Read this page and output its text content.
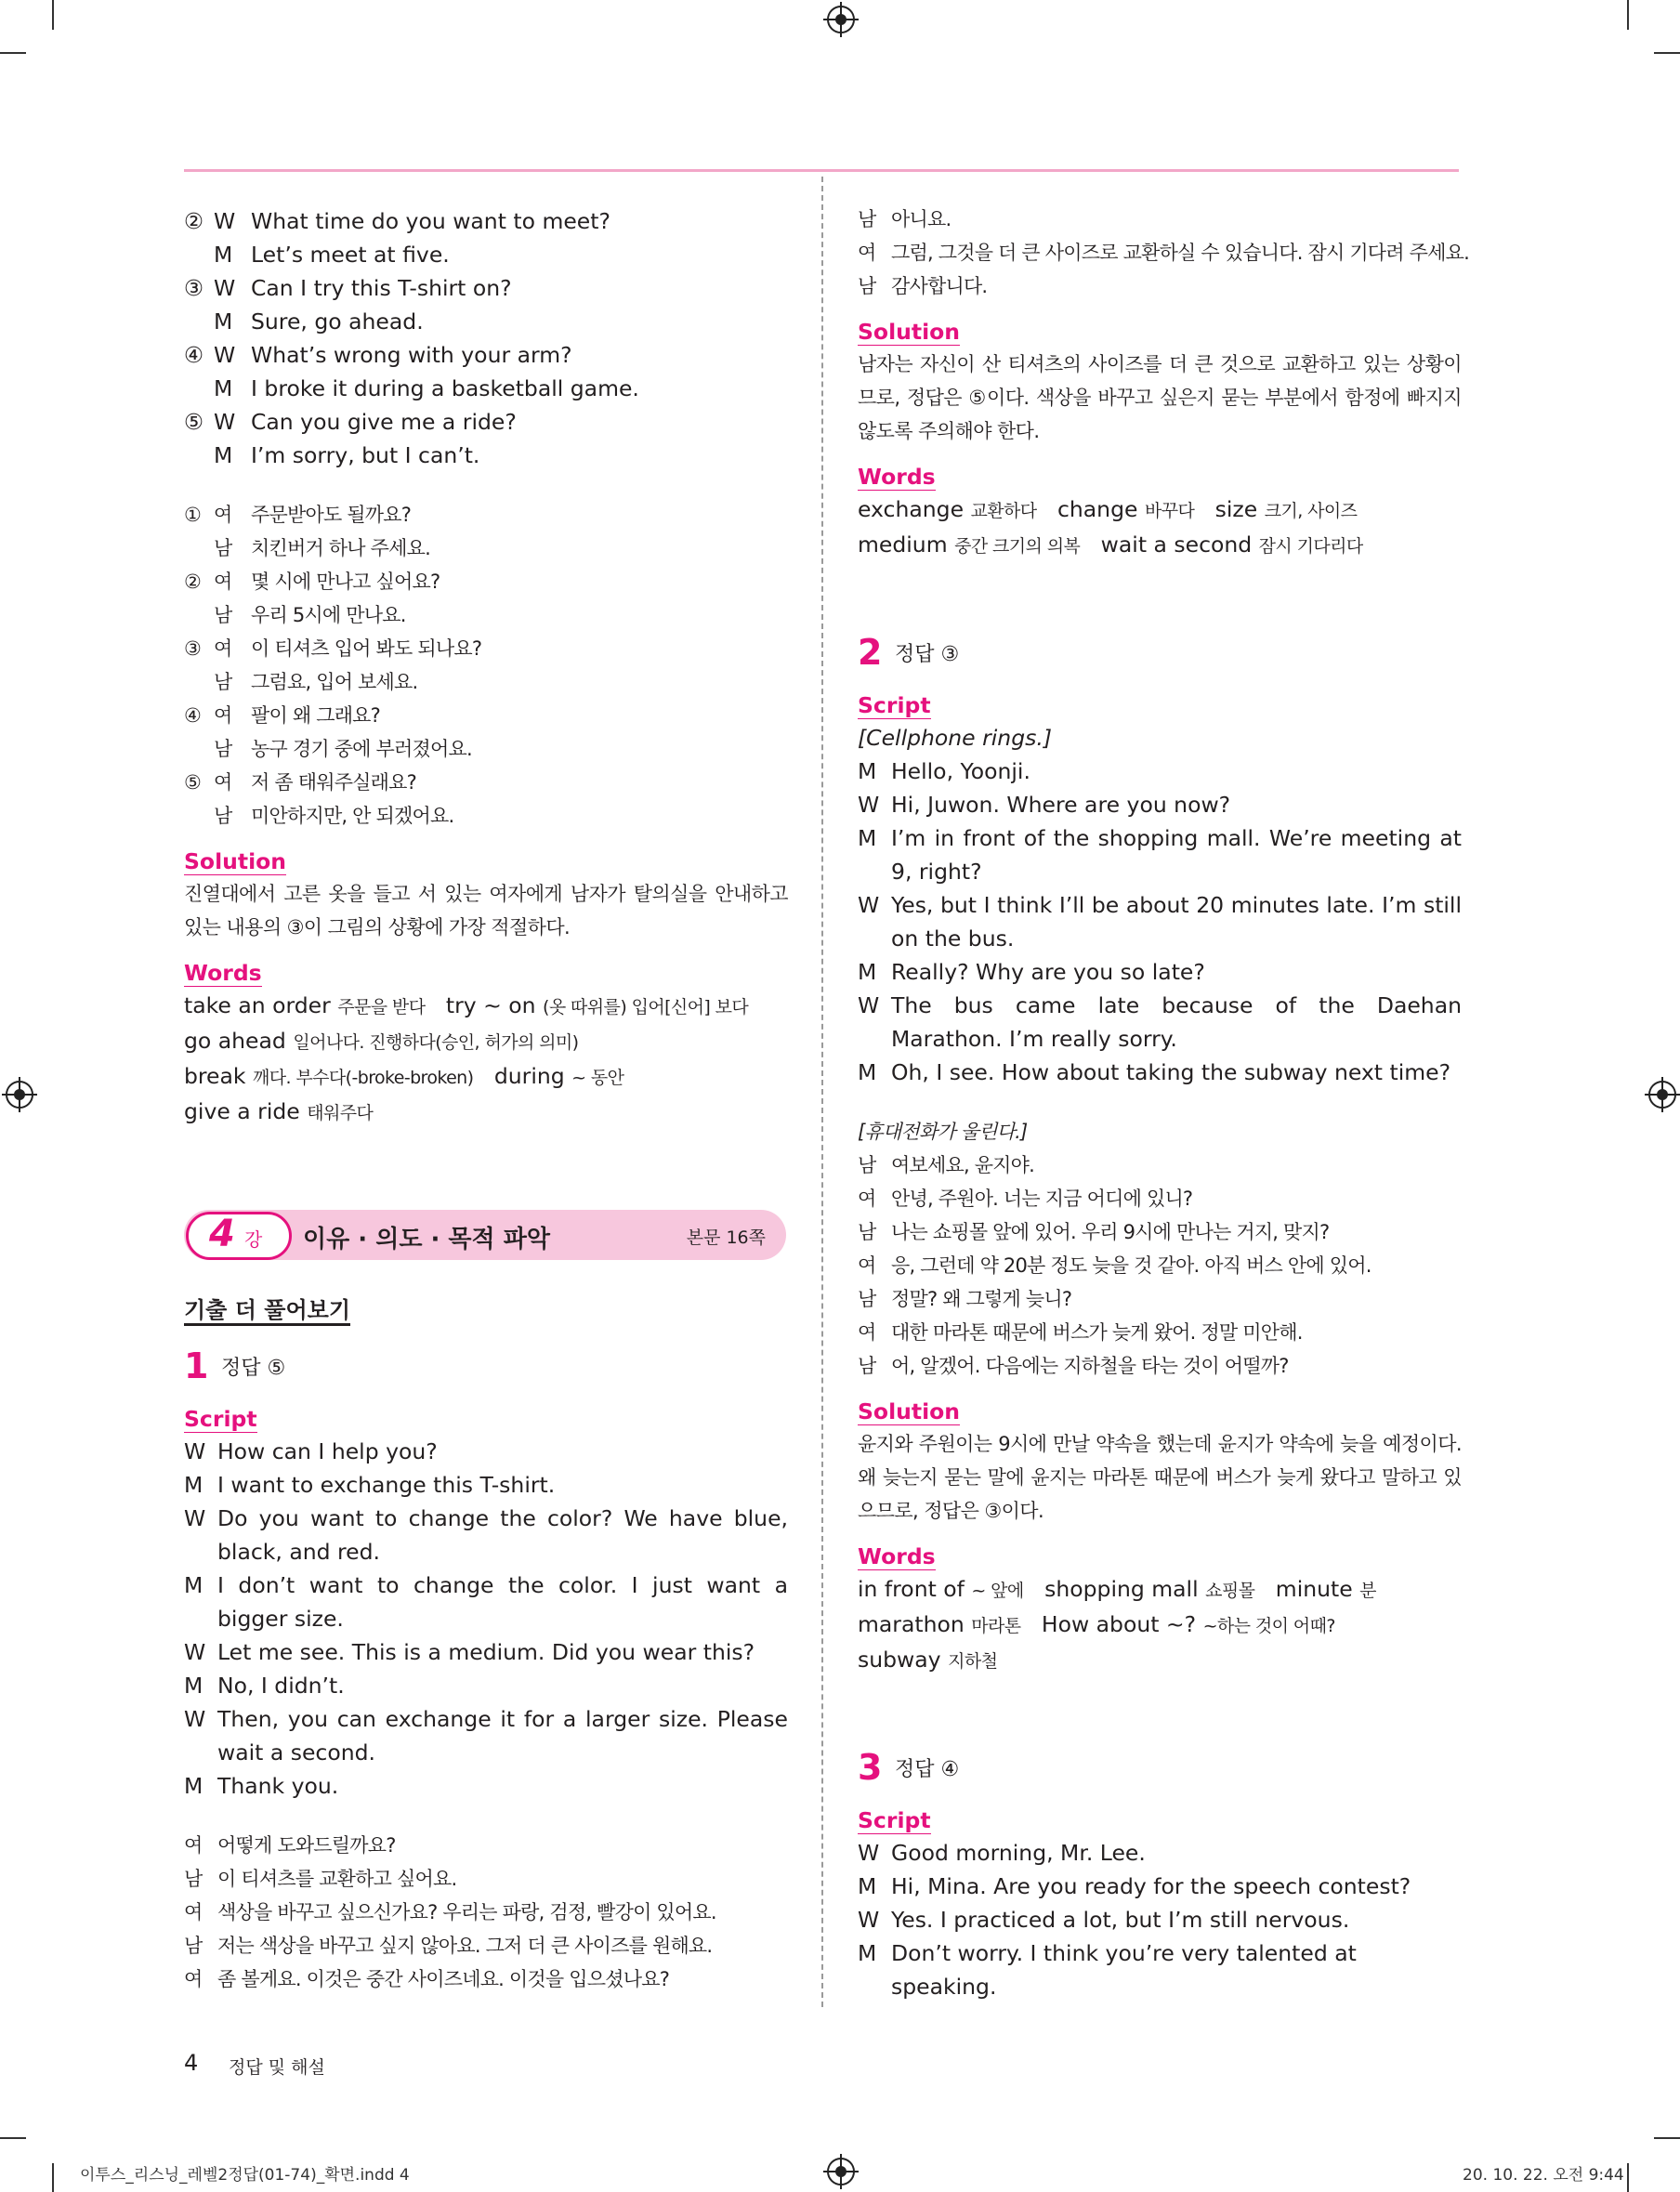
② W What time do you want to meet?
M Let’s meet at five.
③ W Can I try this T-shirt on?
M Sure, go ahead.
④ W What’s wrong with your arm?
M I broke it during a basketball game.
⑤ W Can you give me a ride?
M I’m sorry, but I can’t.
① 여 주문받아도 될까요?
남 치킨버거 하나 주세요.
② 여 몇 시에 만나고 싶어요?
남 우리 5시에 만나요.
③ 여 이 티셔츠 입어 봐도 되나요?
남 그럼요, 입어 보세요.
④ 여 팔이 왜 그래요?
남 농구 경기 중에 부러졌어요.
⑤ 여 저 좀 태워주실래요?
남 미안하지만, 안 되겠어요.
Solution
진열대에서 고른 옷을 들고 서 있는 여자에게 남자가 탈의실을 안내하고 있는 내용의 ③이 그림의 상황에 가장 적절하다.
Words
take an order 주문을 받다 try ~ on (옷 따위를) 입어[신어] 보다
go ahead 일어나다. 진행하다(승인, 허가의 의미)
break 깨다. 부수다(-broke-broken) during ~ 동안
give a ride 태워주다
4 강 이유 · 의도 · 목적 파악	본문 16쪽
기출 더 풀어보기
1 정답 ⑤
Script
W How can I help you?
M I want to exchange this T-shirt.
W Do you want to change the color? We have blue, black, and red.
M I don’t want to change the color. I just want a bigger size.
W Let me see. This is a medium. Did you wear this?
M No, I didn’t.
W Then, you can exchange it for a larger size. Please wait a second.
M Thank you.
여 어떻게 도와드릴까요?
남 이 티셔츠를 교환하고 싶어요.
여 색상을 바꾸고 싶으신가요? 우리는 파랑, 검정, 빨강이 있어요.
남 저는 색상을 바꾸고 싶지 않아요. 그저 더 큰 사이즈를 원해요.
여 좀 볼게요. 이것은 중간 사이즈네요. 이것을 입으셨나요?
남 아니요.
여 그럼, 그것을 더 큰 사이즈로 교환하실 수 있습니다. 잠시 기다려 주세요.
남 감사합니다.
Solution
남자는 자신이 산 티셔츠의 사이즈를 더 큰 것으로 교환하고 있는 상황이므로, 정답은 ⑤이다. 색상을 바꾸고 싶은지 묻는 부분에서 함정에 빠지지 않도록 주의해야 한다.
Words
exchange 교환하다 change 바꾸다 size 크기, 사이즈
medium 중간 크기의 의복 wait a second 잠시 기다리다
2 정답 ③
Script
[Cellphone rings.]
M Hello, Yoonji.
W Hi, Juwon. Where are you now?
M I’m in front of the shopping mall. We’re meeting at 9, right?
W Yes, but I think I’ll be about 20 minutes late. I’m still on the bus.
M Really? Why are you so late?
W The bus came late because of the Daehan Marathon. I’m really sorry.
M Oh, I see. How about taking the subway next time?
[휴대전화가 울린다.]
남 여보세요, 윤지야.
여 안녕, 주원아. 너는 지금 어디에 있니?
남 나는 쇼핑몰 앞에 있어. 우리 9시에 만나는 거지, 맞지?
여 응, 그런데 약 20분 정도 늦을 것 같아. 아직 버스 안에 있어.
남 정말? 왜 그렇게 늦니?
여 대한 마라톤 때문에 버스가 늦게 왔어. 정말 미안해.
남 어, 알겠어. 다음에는 지하철을 타는 것이 어떨까?
Solution
윤지와 주원이는 9시에 만날 약속을 했는데 윤지가 약속에 늦을 예정이다. 왜 늦는지 묻는 말에 윤지는 마라톤 때문에 버스가 늦게 왔다고 말하고 있으므로, 정답은 ③이다.
Words
in front of ~ 앞에 shopping mall 쇼핑몰 minute 분
marathon 마라톤 How about ~? ~하는 것이 어때?
subway 지하철
3 정답 ④
Script
W Good morning, Mr. Lee.
M Hi, Mina. Are you ready for the speech contest?
W Yes. I practiced a lot, but I’m still nervous.
M Don’t worry. I think you’re very talented at speaking.
4 정답 및 해설
이투스_리스닝_레벨2정답(01-74)_확면.indd 4	20. 10. 22. 오전 9:44
